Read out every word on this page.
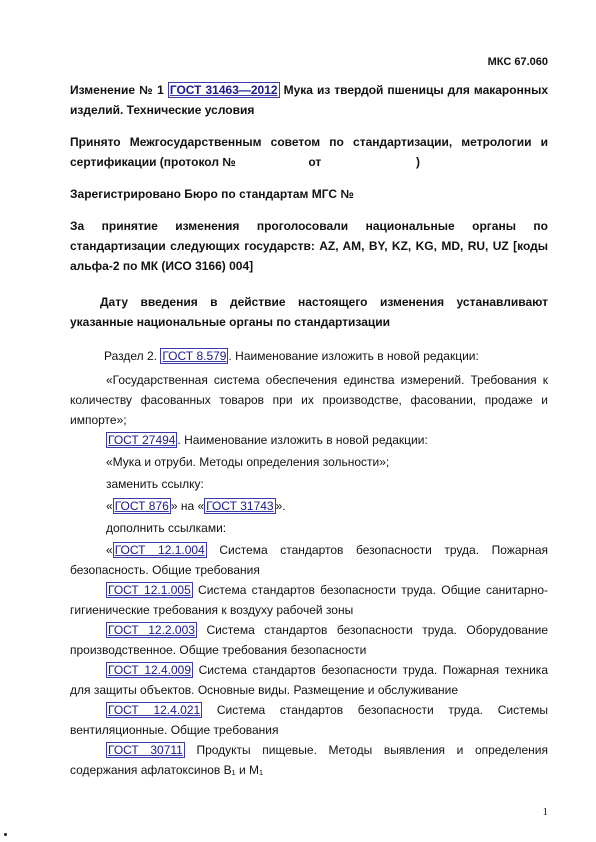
МКС 67.060
Изменение № 1 ГОСТ 31463—2012 Мука из твердой пшеницы для макаронных
изделий. Технические условия
Принято Межгосударственным советом по стандартизации, метрологии и
сертификации (протокол №	от	)
Зарегистрировано Бюро по стандартам МГС №
За принятие изменения проголосовали национальные органы по
стандартизации следующих государств: AZ, AM, BY, KZ, KG, MD, RU, UZ [коды
альфа-2 по МК (ИСО 3166) 004]
Дату введения в действие настоящего изменения устанавливают
указанные национальные органы по стандартизации
Раздел 2. ГОСТ 8.579 . Наименование изложить в новой редакции:
«Государственная система обеспечения единства измерений. Требования к
количеству фасованных товаров при их производстве, фасовании, продаже и
импорте»;
ГОСТ 27494 . Наименование изложить в новой редакции:
«Мука и отруби. Методы определения зольности»;
заменить ссылку:
« ГОСТ 876 » на « ГОСТ 31743 ».
дополнить ссылками:
« ГОСТ 12.1.004 Система стандартов безопасности труда. Пожарная
безопасность. Общие требования
ГОСТ 12.1.005 Система стандартов безопасности труда. Общие санитарно-
гигиенические требования к воздуху рабочей зоны
ГОСТ 12.2.003 Система стандартов безопасности труда. Оборудование
производственное. Общие требования безопасности
ГОСТ 12.4.009 Система стандартов безопасности труда. Пожарная техника
для защиты объектов. Основные виды. Размещение и обслуживание
ГОСТ 12.4.021 Система стандартов безопасности труда. Системы
вентиляционные. Общие требования
ГОСТ 30711 Продукты пищевые. Методы выявления и определения
содержания афлатоксинов B₁ и M₁
1
